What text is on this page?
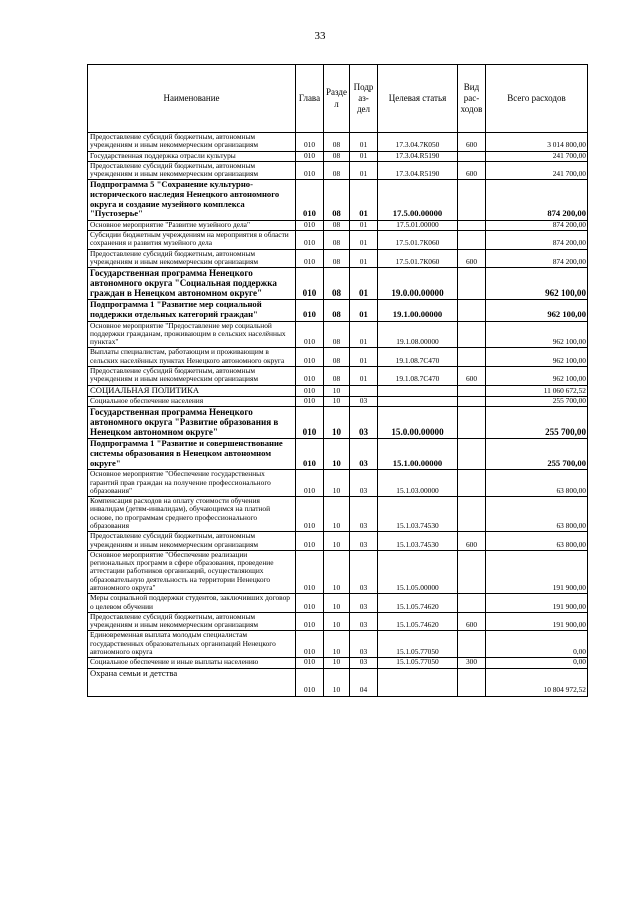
33
Наименование	Глава	Разде л	Подр аз- дел	Целевая статья	Вид рас- ходов	Всего расходов
Предоставление субсидий бюджетным, автономным учреждениям и иным некоммерческим организациям	010	08	01	17.3.04.7К050	600	3 014 800,00
Государственная поддержка отрасли культуры	010	08	01	17.3.04.R5190		241 700,00
Предоставление субсидий бюджетным, автономным учреждениям и иным некоммерческим организациям	010	08	01	17.3.04.R5190	600	241 700,00
Подпрограмма 5 "Сохранение культурно-исторического наследия Ненецкого автономного округа и создание музейного комплекса "Пустозерье"	010	08	01	17.5.00.00000		874 200,00
Основное мероприятие "Развитие музейного дела"	010	08	01	17.5.01.00000		874 200,00
Субсидии бюджетным учреждениям на мероприятия в области сохранения и развития музейного дела	010	08	01	17.5.01.7К060		874 200,00
Предоставление субсидий бюджетным, автономным учреждениям и иным некоммерческим организациям	010	08	01	17.5.01.7К060	600	874 200,00
Государственная программа Ненецкого автономного округа "Социальная поддержка граждан в Ненецком автономном округе"	010	08	01	19.0.00.00000		962 100,00
Подпрограмма 1 "Развитие мер социальной поддержки отдельных категорий граждан"	010	08	01	19.1.00.00000		962 100,00
Основное мероприятие "Предоставление мер социальной поддержки гражданам, проживающим в сельских населённых пунктах"	010	08	01	19.1.08.00000		962 100,00
Выплаты специалистам, работающим и проживающим в сельских населённых пунктах Ненецкого автономного округа	010	08	01	19.1.08.7С470		962 100,00
Предоставление субсидий бюджетным, автономным учреждениям и иным некоммерческим организациям	010	08	01	19.1.08.7С470	600	962 100,00
СОЦИАЛЬНАЯ ПОЛИТИКА	010	10				11 060 672,52
Социальное обеспечение населения	010	10	03			255 700,00
Государственная программа Ненецкого автономного округа "Развитие образования в Ненецком автономном округе"	010	10	03	15.0.00.00000		255 700,00
Подпрограмма 1 "Развитие и совершенствование системы образования в Ненецком автономном округе"	010	10	03	15.1.00.00000		255 700,00
Основное мероприятие "Обеспечение государственных гарантий прав граждан на получение профессионального образования"	010	10	03	15.1.03.00000		63 800,00
Компенсация расходов на оплату стоимости обучения инвалидам (детям-инвалидам), обучающимся на платной основе, по программам среднего профессионального образования	010	10	03	15.1.03.74530		63 800,00
Предоставление субсидий бюджетным, автономным учреждениям и иным некоммерческим организациям	010	10	03	15.1.03.74530	600	63 800,00
Основное мероприятие "Обеспечение реализации региональных программ в сфере образования, проведение аттестации работников организаций, осуществляющих образовательную деятельность на территории Ненецкого автономного округа"	010	10	03	15.1.05.00000		191 900,00
Меры социальной поддержки студентов, заключивших договор о целевом обучении	010	10	03	15.1.05.74620		191 900,00
Предоставление субсидий бюджетным, автономным учреждениям и иным некоммерческим организациям	010	10	03	15.1.05.74620	600	191 900,00
Единовременная выплата молодым специалистам государственных образовательных организаций Ненецкого автономного округа	010	10	03	15.1.05.77050		0,00
Социальное обеспечение и иные выплаты населению	010	10	03	15.1.05.77050	300	0,00
Охрана семьи и детства	010	10	04			10 804 972,52
